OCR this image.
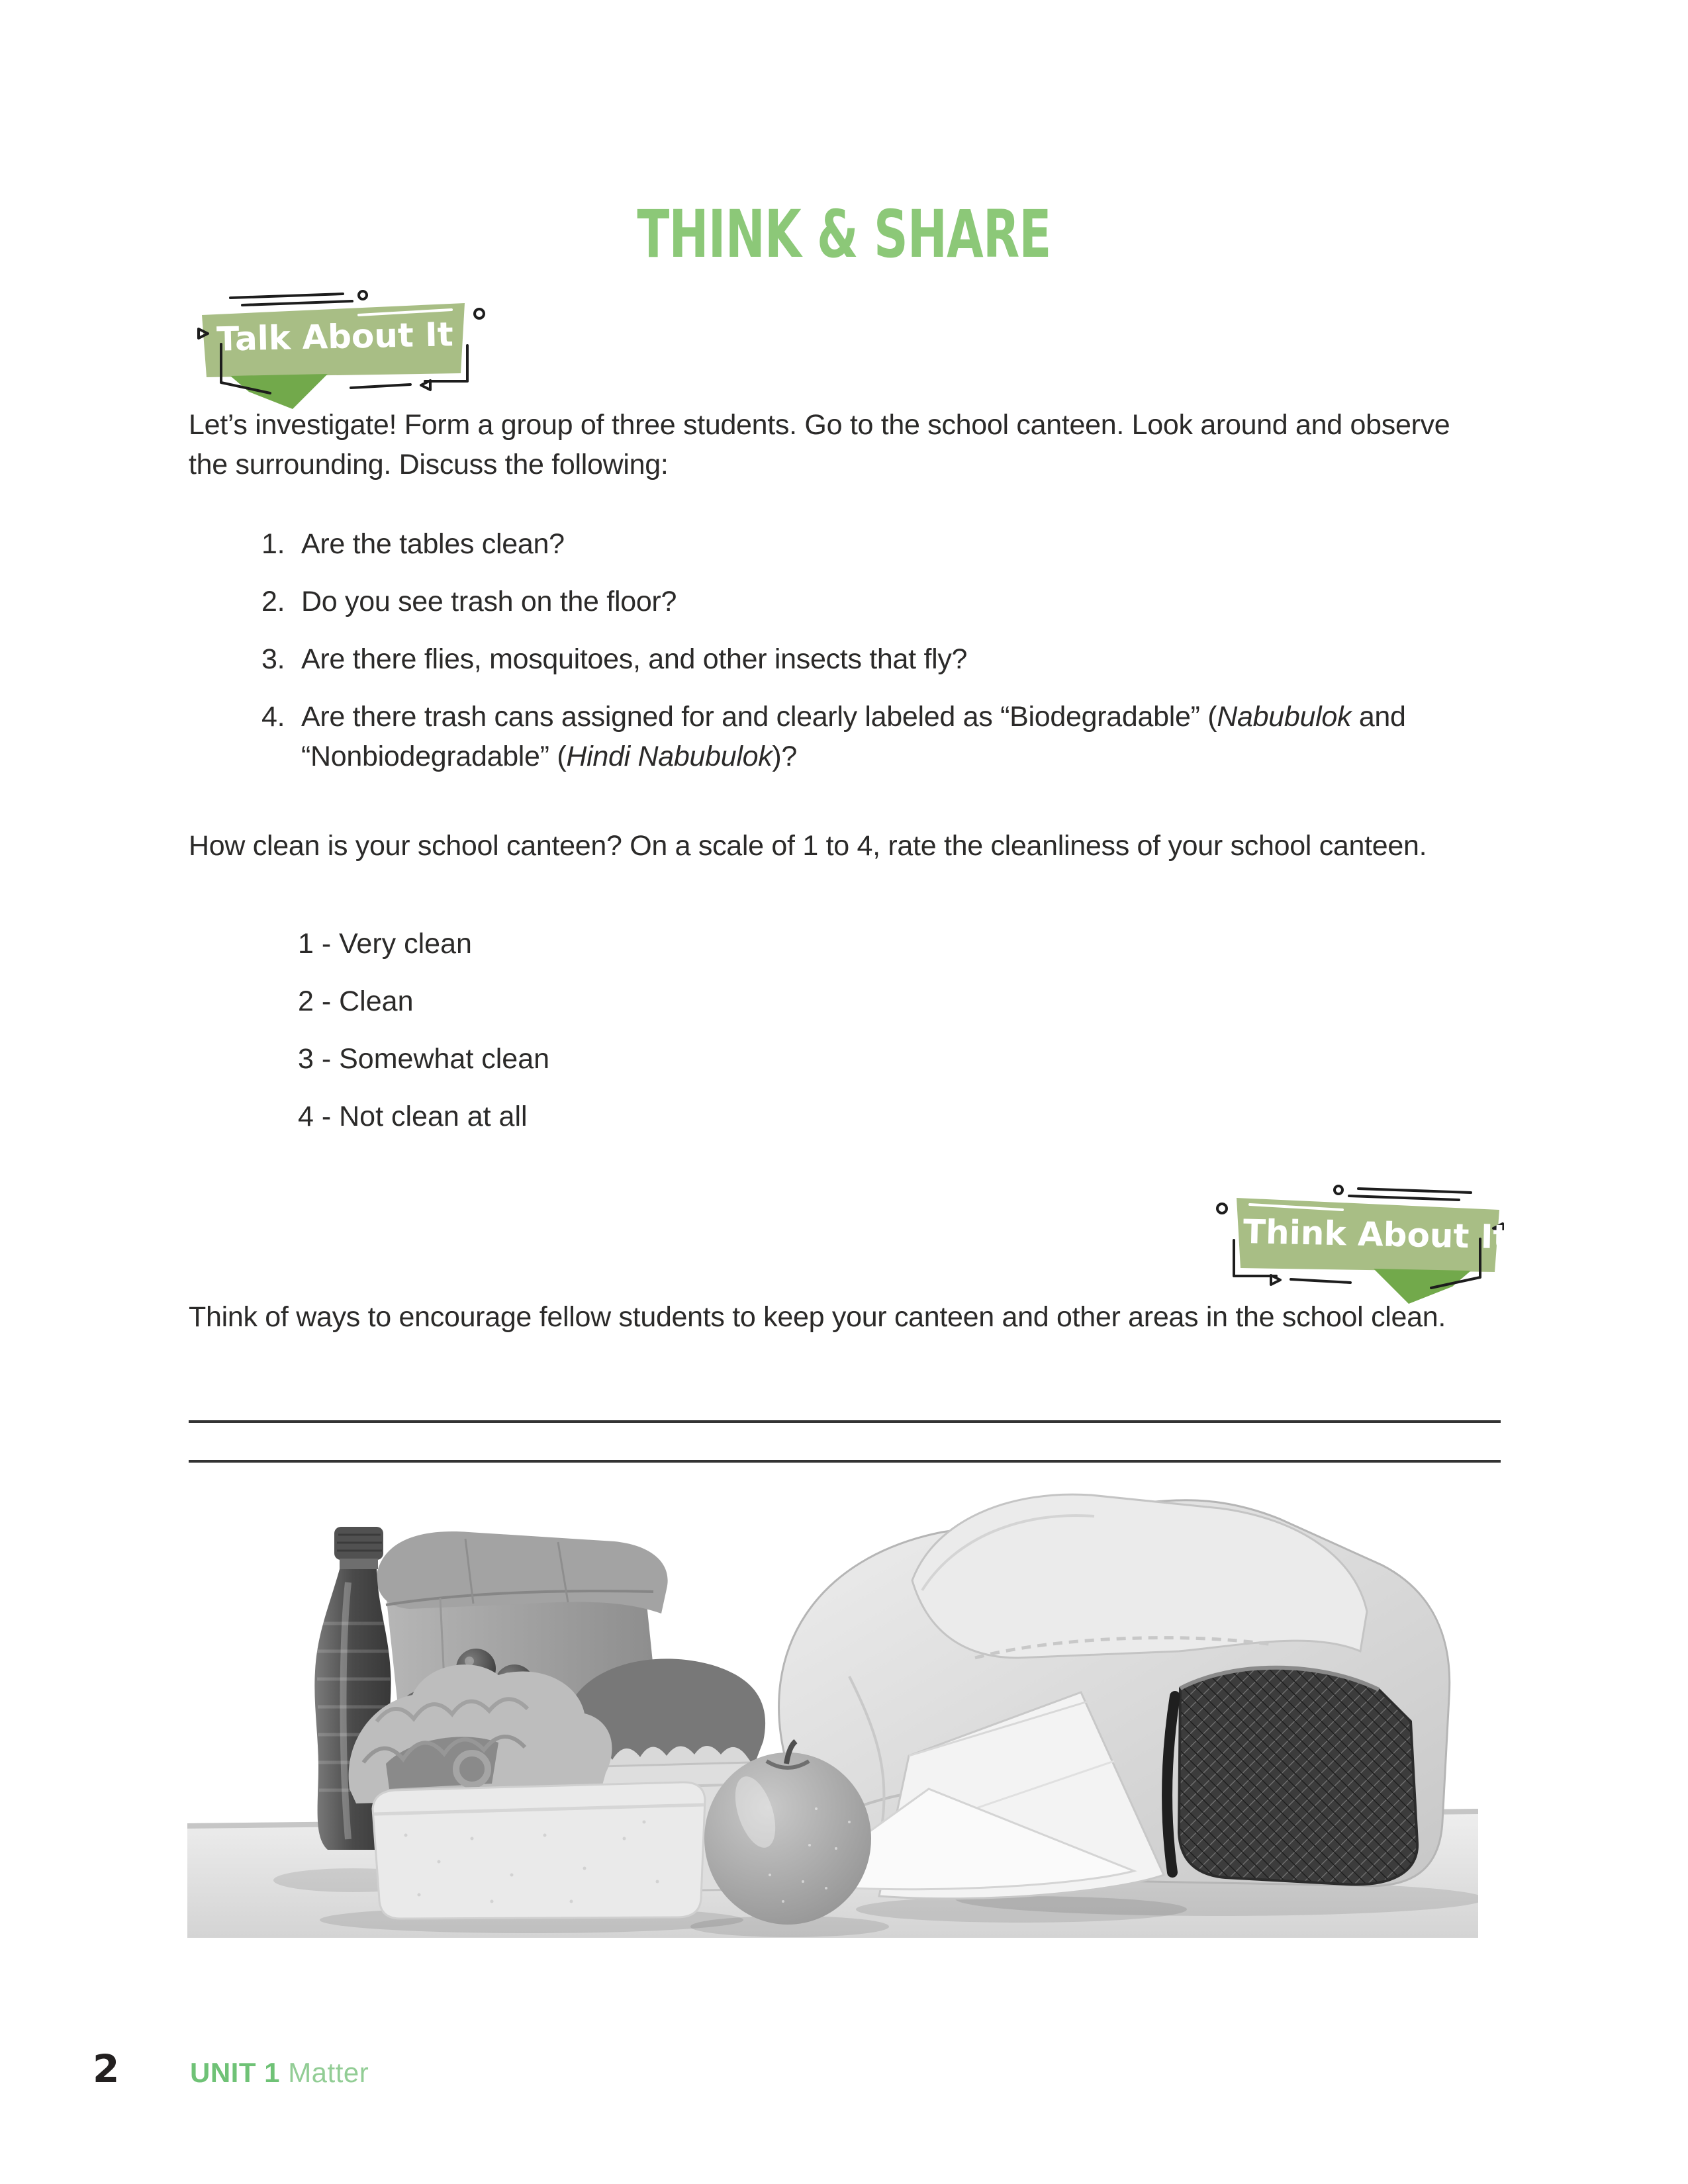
THINK & SHARE
Talk About It

Let’s investigate! Form a group of three students. Go to the school canteen. Look around and observe the surrounding. Discuss the following:

1. Are the tables clean?
2. Do you see trash on the floor?
3. Are there flies, mosquitoes, and other insects that fly?
4. Are there trash cans assigned for and clearly labeled as “Biodegradable” (Nabubulok and “Nonbiodegradable” (Hindi Nabubulok)?

How clean is your school canteen? On a scale of 1 to 4, rate the cleanliness of your school canteen.

1 - Very clean
2 - Clean
3 - Somewhat clean
4 - Not clean at all
Think About It

Think of ways to encourage fellow students to keep your canteen and other areas in the school clean.

2	UNIT 1 Matter
